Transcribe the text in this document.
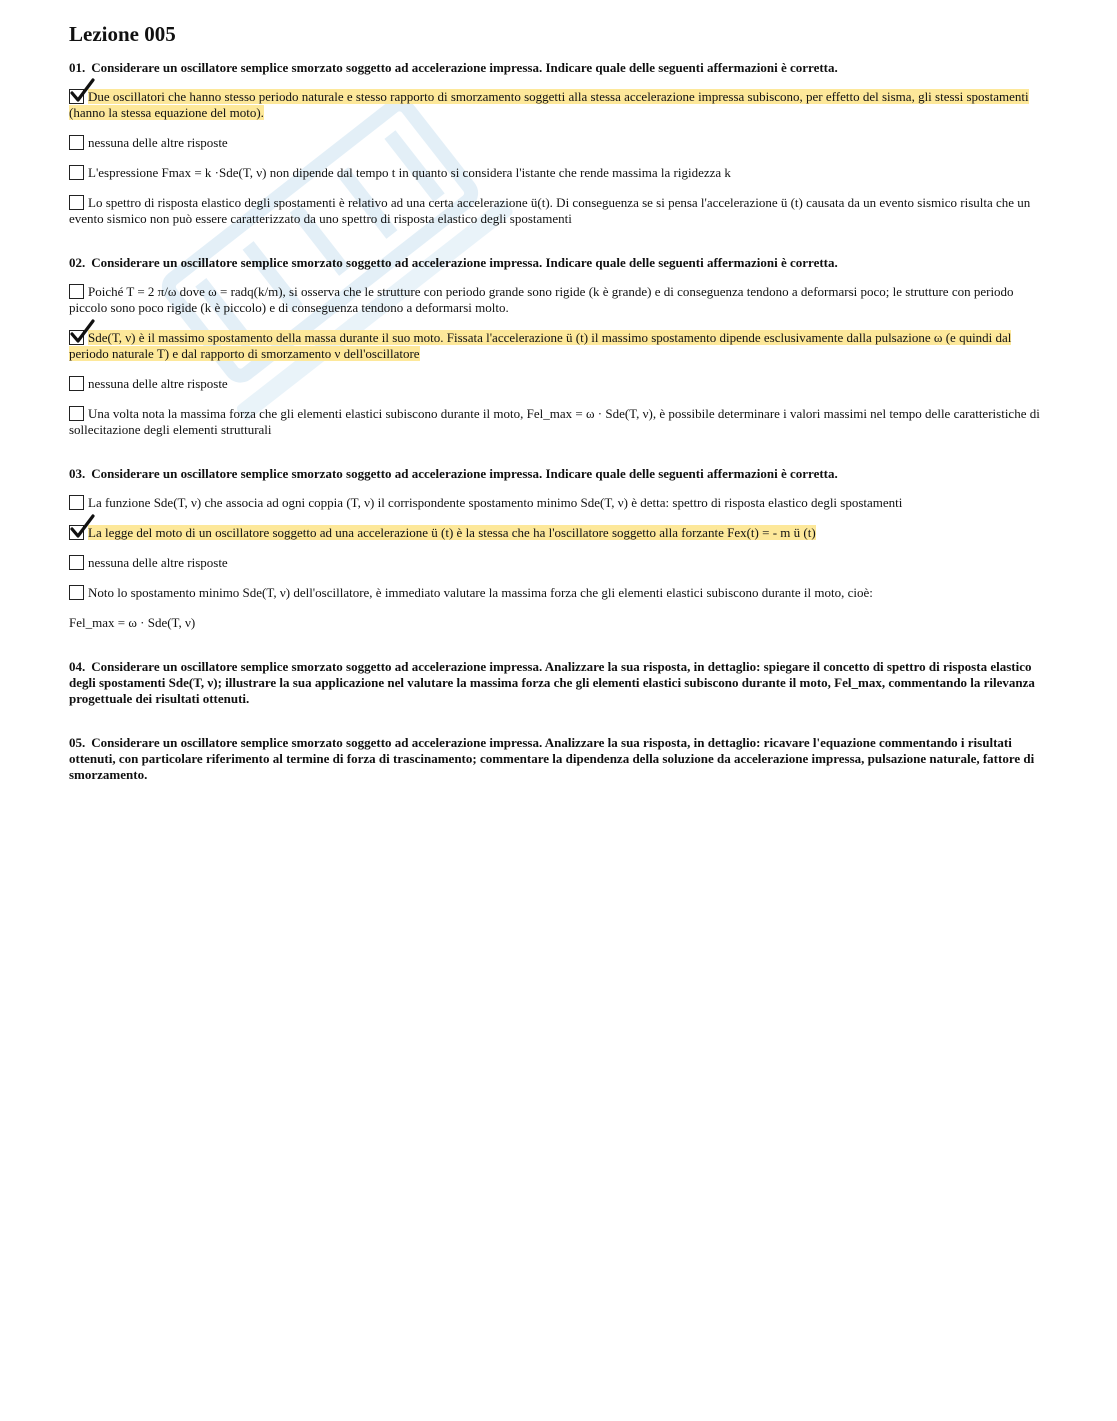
Lezione 005
01. Considerare un oscillatore semplice smorzato soggetto ad accelerazione impressa. Indicare quale delle seguenti affermazioni è corretta.
Due oscillatori che hanno stesso periodo naturale e stesso rapporto di smorzamento soggetti alla stessa accelerazione impressa subiscono, per effetto del sisma, gli stessi spostamenti (hanno la stessa equazione del moto).
nessuna delle altre risposte
L'espressione Fmax = k ·Sde(T, ν) non dipende dal tempo t in quanto si considera l'istante che rende massima la rigidezza k
Lo spettro di risposta elastico degli spostamenti è relativo ad una certa accelerazione ü(t). Di conseguenza se si pensa l'accelerazione ü (t) causata da un evento sismico risulta che un evento sismico non può essere caratterizzato da uno spettro di risposta elastico degli spostamenti
02. Considerare un oscillatore semplice smorzato soggetto ad accelerazione impressa. Indicare quale delle seguenti affermazioni è corretta.
Poiché T = 2 π/ω dove ω = radq(k/m), si osserva che le strutture con periodo grande sono rigide (k è grande) e di conseguenza tendono a deformarsi poco; le strutture con periodo piccolo sono poco rigide (k è piccolo) e di conseguenza tendono a deformarsi molto.
Sde(T, ν) è il massimo spostamento della massa durante il suo moto. Fissata l'accelerazione ü (t) il massimo spostamento dipende esclusivamente dalla pulsazione ω (e quindi dal periodo naturale T) e dal rapporto di smorzamento ν dell'oscillatore
nessuna delle altre risposte
Una volta nota la massima forza che gli elementi elastici subiscono durante il moto, Fel_max = ω · Sde(T, ν), è possibile determinare i valori massimi nel tempo delle caratteristiche di sollecitazione degli elementi strutturali
03. Considerare un oscillatore semplice smorzato soggetto ad accelerazione impressa. Indicare quale delle seguenti affermazioni è corretta.
La funzione Sde(T, ν) che associa ad ogni coppia (T, ν) il corrispondente spostamento minimo Sde(T, ν) è detta: spettro di risposta elastico degli spostamenti
La legge del moto di un oscillatore soggetto ad una accelerazione ü (t) è la stessa che ha l'oscillatore soggetto alla forzante Fex(t) = - m ü (t)
nessuna delle altre risposte
Noto lo spostamento minimo Sde(T, ν) dell'oscillatore, è immediato valutare la massima forza che gli elementi elastici subiscono durante il moto, cioè:
Fel_max = ω · Sde(T, ν)
04. Considerare un oscillatore semplice smorzato soggetto ad accelerazione impressa. Analizzare la sua risposta, in dettaglio: spiegare il concetto di spettro di risposta elastico degli spostamenti Sde(T, ν); illustrare la sua applicazione nel valutare la massima forza che gli elementi elastici subiscono durante il moto, Fel_max, commentando la rilevanza progettuale dei risultati ottenuti.
05. Considerare un oscillatore semplice smorzato soggetto ad accelerazione impressa. Analizzare la sua risposta, in dettaglio: ricavare l'equazione commentando i risultati ottenuti, con particolare riferimento al termine di forza di trascinamento; commentare la dipendenza della soluzione da accelerazione impressa, pulsazione naturale, fattore di smorzamento.
